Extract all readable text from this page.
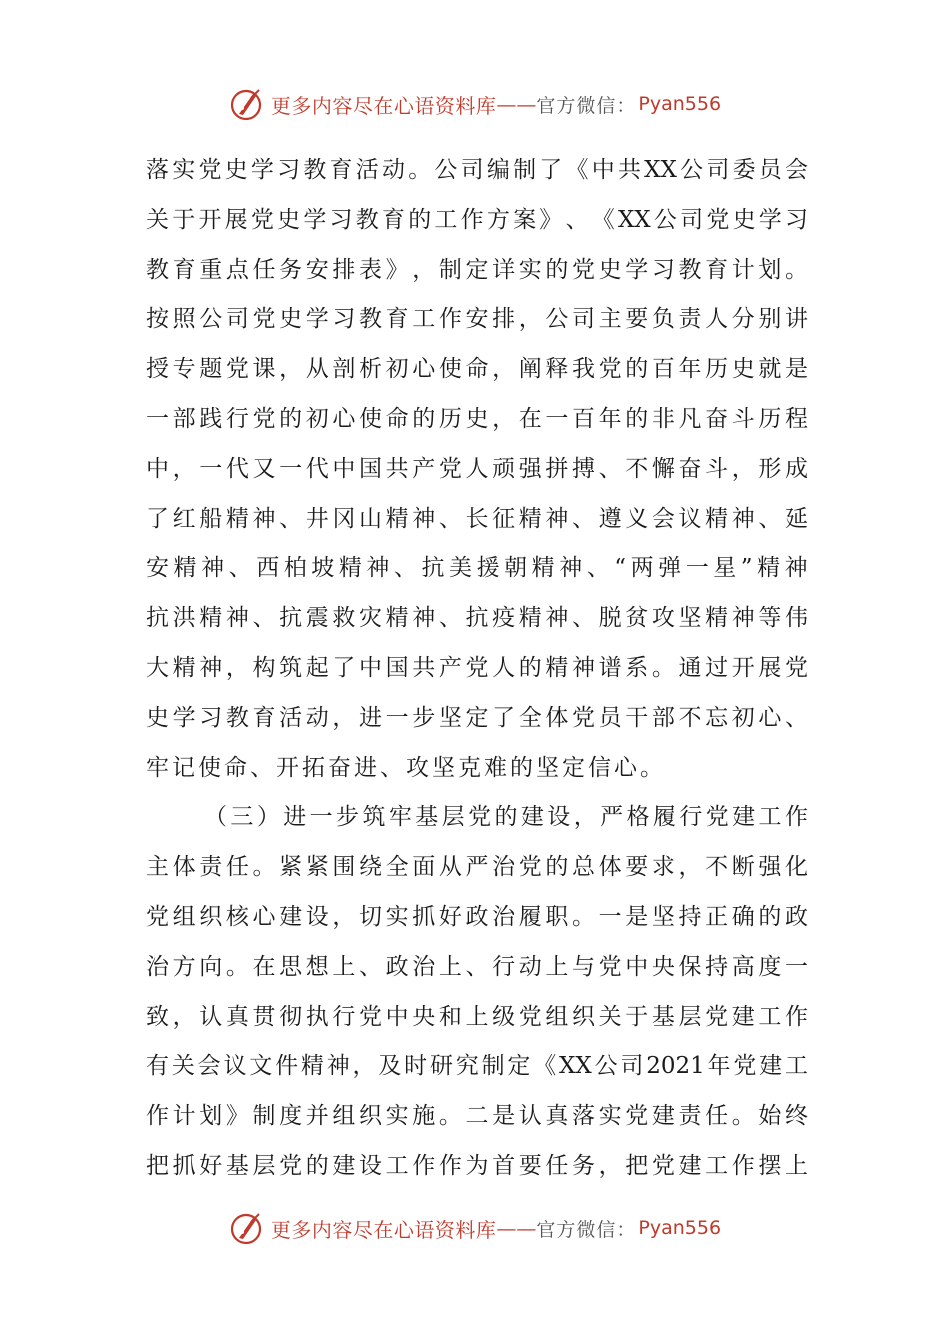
更多内容尽在心语资料库 —— 官方微信： Pyan556
落 实 党 史 学 习 教 育 活 动 。 公 司 编 制 了 《 中 共 XX 公 司 委 员 会
关 于 开 展 党 史 学 习 教 育 的 工 作 方 案 》 、 《 XX 公 司 党 史 学 习
教 育 重 点 任 务 安 排 表 》 ， 制 定 详 实 的 党 史 学 习 教 育 计 划 。
按 照 公 司 党 史 学 习 教 育 工 作 安 排 ， 公 司 主 要 负 责 人 分 别 讲
授 专 题 党 课 ， 从 剖 析 初 心 使 命 ， 阐 释 我 党 的 百 年 历 史 就 是
一 部 践 行 党 的 初 心 使 命 的 历 史 ， 在 一 百 年 的 非 凡 奋 斗 历 程
中 ， 一 代 又 一 代 中 国 共 产 党 人 顽 强 拼 搏 、 不 懈 奋 斗 ， 形 成
了 红 船 精 神 、 井 冈 山 精 神 、 长 征 精 神 、 遵 义 会 议 精 神 、 延
安 精 神 、 西 柏 坡 精 神 、 抗 美 援 朝 精 神 、 “ 两 弹 一 星 ” 精 神
抗 洪 精 神 、 抗 震 救 灾 精 神 、 抗 疫 精 神 、 脱 贫 攻 坚 精 神 等 伟
大 精 神 ， 构 筑 起 了 中 国 共 产 党 人 的 精 神 谱 系 。 通 过 开 展 党
史 学 习 教 育 活 动 ， 进 一 步 坚 定 了 全 体 党 员 干 部 不 忘 初 心 、
牢记使命、开拓奋进、攻坚克难的坚定信心。
（ 三 ） 进 一 步 筑 牢 基 层 党 的 建 设 ， 严 格 履 行 党 建 工 作
主 体 责 任 。 紧 紧 围 绕 全 面 从 严 治 党 的 总 体 要 求 ， 不 断 强 化
党 组 织 核 心 建 设 ， 切 实 抓 好 政 治 履 职 。 一 是 坚 持 正 确 的 政
治 方 向 。 在 思 想 上 、 政 治 上 、 行 动 上 与 党 中 央 保 持 高 度 一
致 ， 认 真 贯 彻 执 行 党 中 央 和 上 级 党 组 织 关 于 基 层 党 建 工 作
有 关 会 议 文 件 精 神 ， 及 时 研 究 制 定 《 XX 公 司 2021 年 党 建 工
作 计 划 》 制 度 并 组 织 实 施 。 二 是 认 真 落 实 党 建 责 任 。 始 终
把 抓 好 基 层 党 的 建 设 工 作 作 为 首 要 任 务 ， 把 党 建 工 作 摆 上
更多内容尽在心语资料库 —— 官方微信： Pyan556
